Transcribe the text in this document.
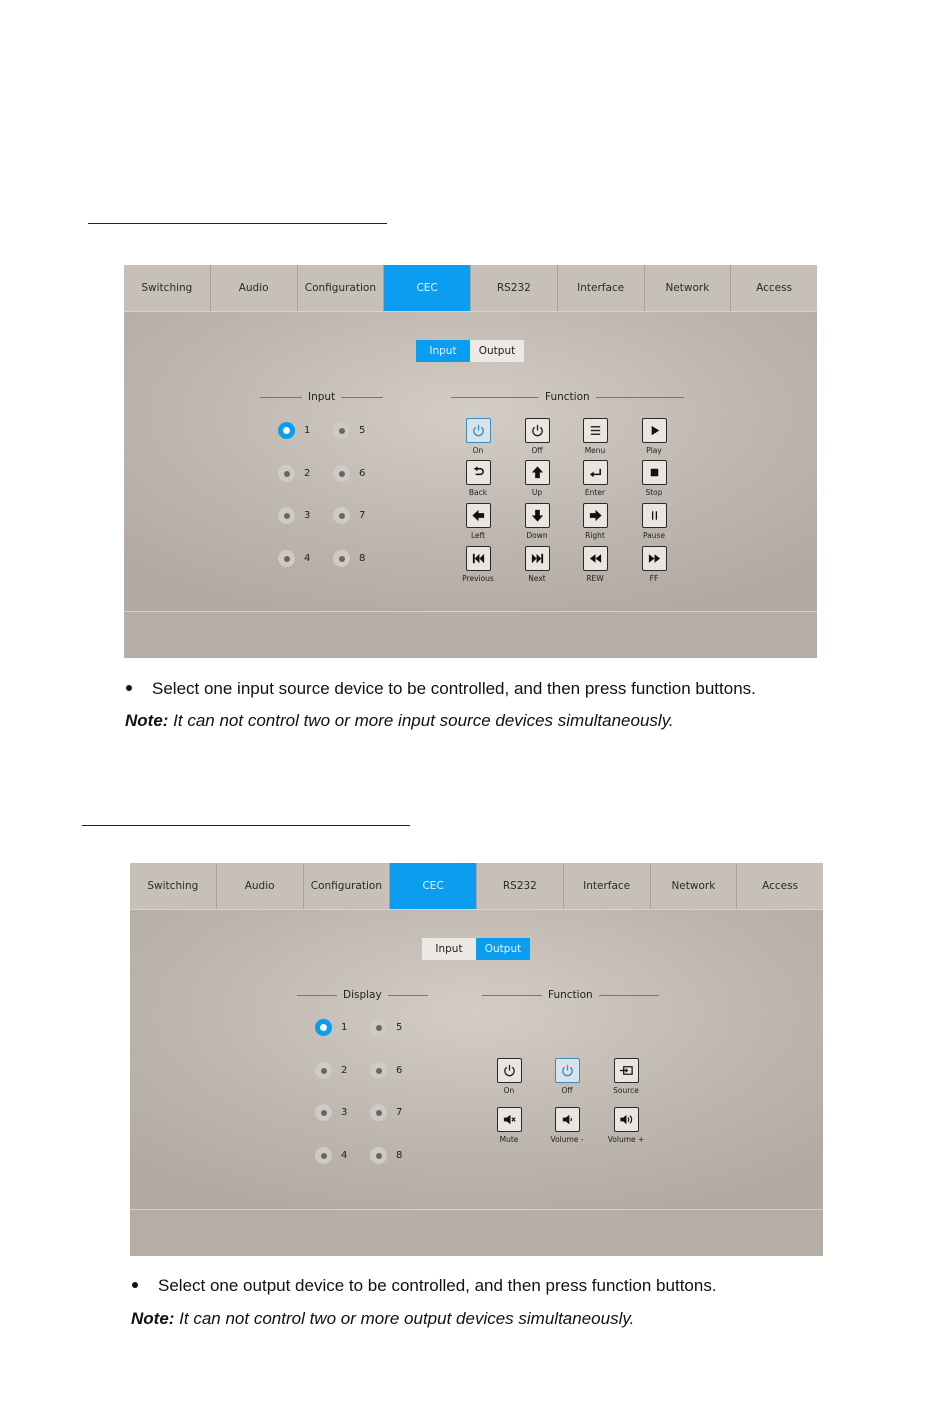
Switching	Audio	Configuration	CEC	RS232	Interface	Network	Access
Input	Output
Input	Function
1
2
3
4
5
6
7
8
On	Off	Menu	Play
Back	Up	Enter	Stop
Left	Down	Right	Pause
Previous	Next	REW	FF
Select one input source device to be controlled, and then press function buttons.
Note: It can not control two or more input source devices simultaneously.
Switching	Audio	Configuration	CEC	RS232	Interface	Network	Access
Input	Output
Display	Function
1
2
3
4
5
6
7
8
On	Off	Source
Mute	Volume -	Volume +
Select one output device to be controlled, and then press function buttons.
Note: It can not control two or more output devices simultaneously.
